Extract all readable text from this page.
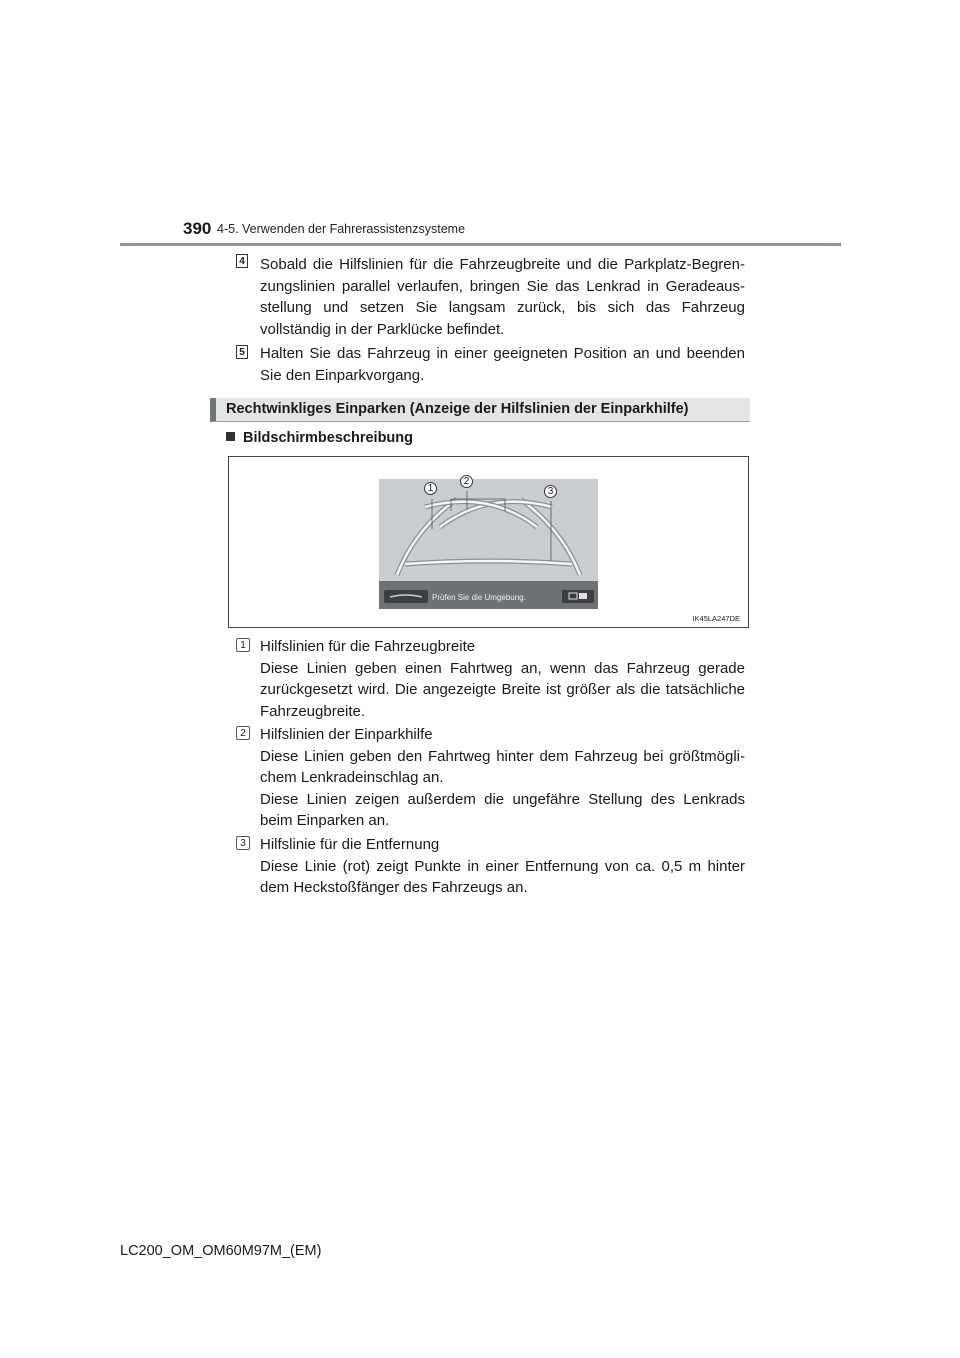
390 4-5. Verwenden der Fahrerassistenzsysteme
4 Sobald die Hilfslinien für die Fahrzeugbreite und die Parkplatz-Begren-zungslinien parallel verlaufen, bringen Sie das Lenkrad in Geradeaus-stellung und setzen Sie langsam zurück, bis sich das Fahrzeug vollständig in der Parklücke befindet.
5 Halten Sie das Fahrzeug in einer geeigneten Position an und beenden Sie den Einparkvorgang.
Rechtwinkliges Einparken (Anzeige der Hilfslinien der Einparkhilfe)
Bildschirmbeschreibung
Prüfen Sie die Umgebung.
1
2
3
IK45LA247DE
1 Hilfslinien für die Fahrzeugbreite
Diese Linien geben einen Fahrtweg an, wenn das Fahrzeug gerade zurückgesetzt wird. Die angezeigte Breite ist größer als die tatsächliche Fahrzeugbreite.
2 Hilfslinien der Einparkhilfe
Diese Linien geben den Fahrtweg hinter dem Fahrzeug bei größtmögli-chem Lenkradeinschlag an.
Diese Linien zeigen außerdem die ungefähre Stellung des Lenkrads beim Einparken an.
3 Hilfslinie für die Entfernung
Diese Linie (rot) zeigt Punkte in einer Entfernung von ca. 0,5 m hinter dem Heckstoßfänger des Fahrzeugs an.
LC200_OM_OM60M97M_(EM)
